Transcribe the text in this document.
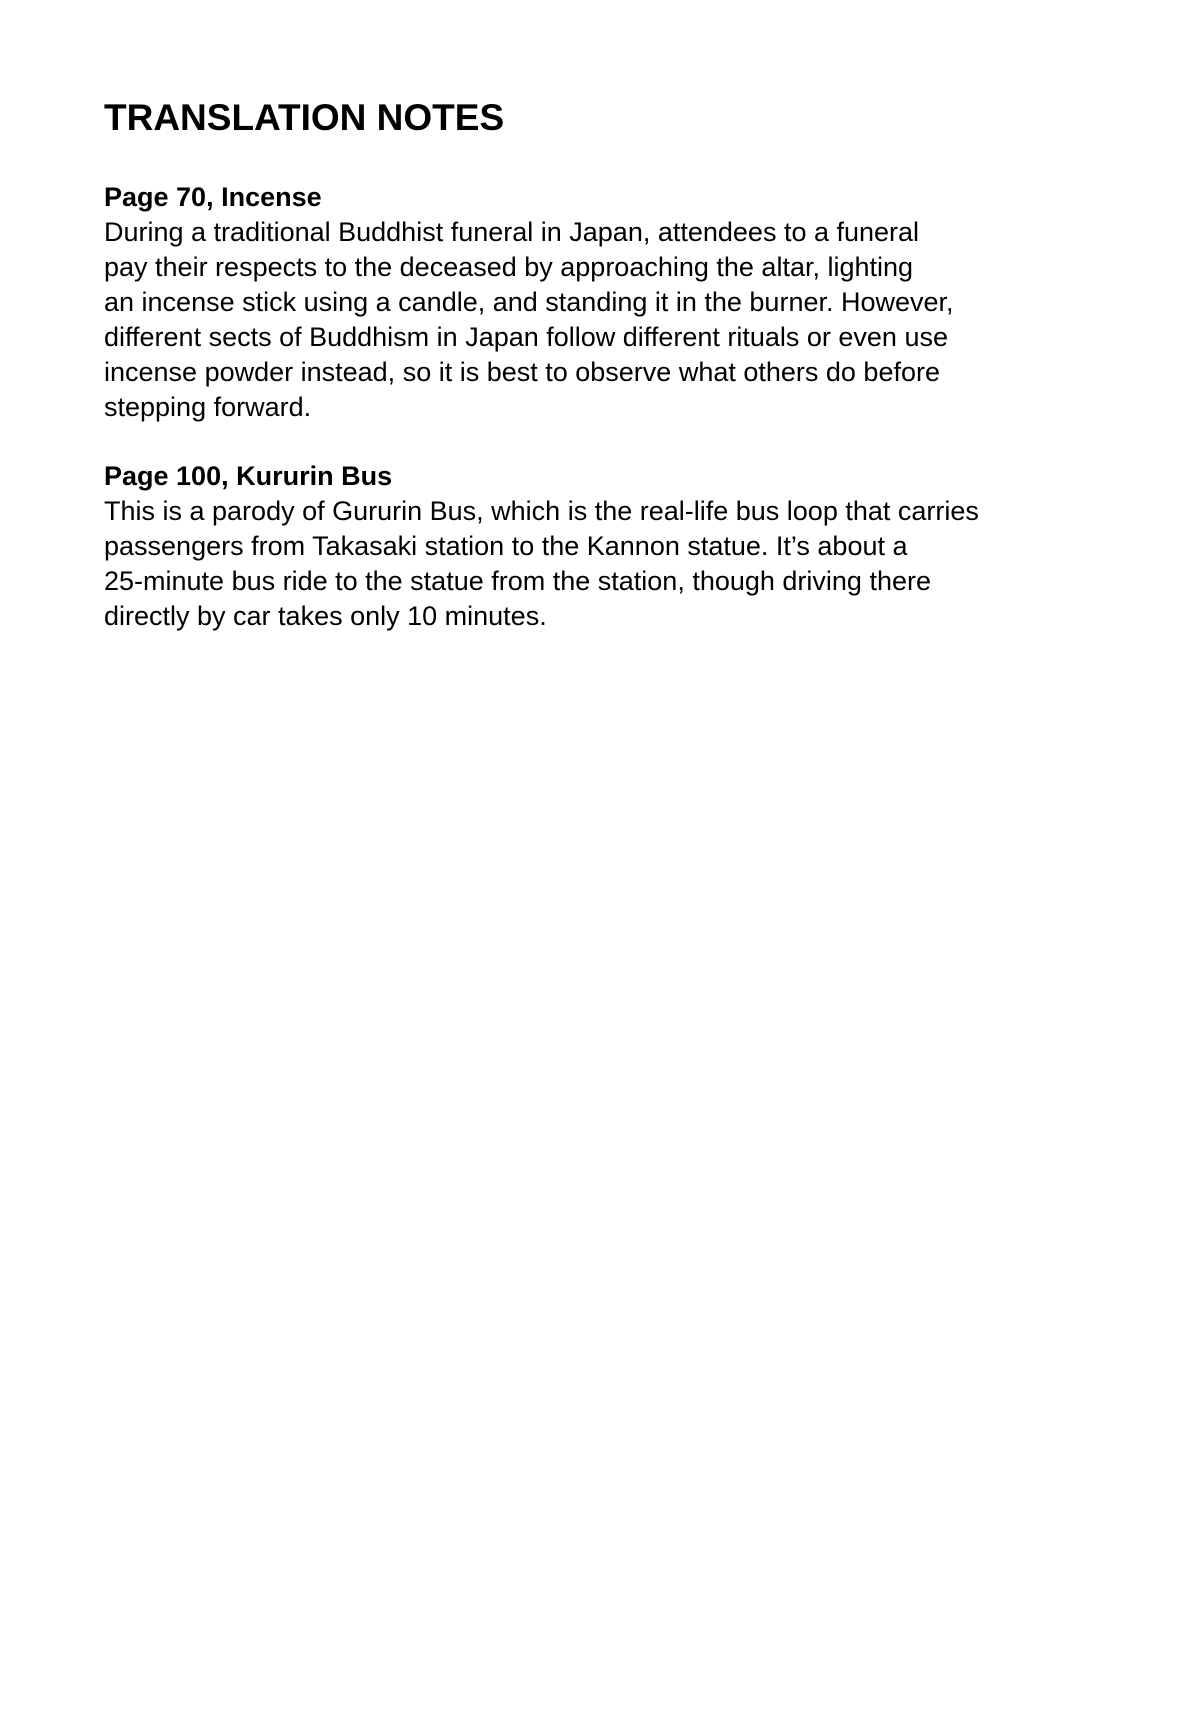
TRANSLATION NOTES
Page 70, Incense
During a traditional Buddhist funeral in Japan, attendees to a funeral
pay their respects to the deceased by approaching the altar, lighting
an incense stick using a candle, and standing it in the burner. However,
different sects of Buddhism in Japan follow different rituals or even use
incense powder instead, so it is best to observe what others do before
stepping forward.
Page 100, Kururin Bus
This is a parody of Gururin Bus, which is the real-life bus loop that carries
passengers from Takasaki station to the Kannon statue. It’s about a
25-minute bus ride to the statue from the station, though driving there
directly by car takes only 10 minutes.
